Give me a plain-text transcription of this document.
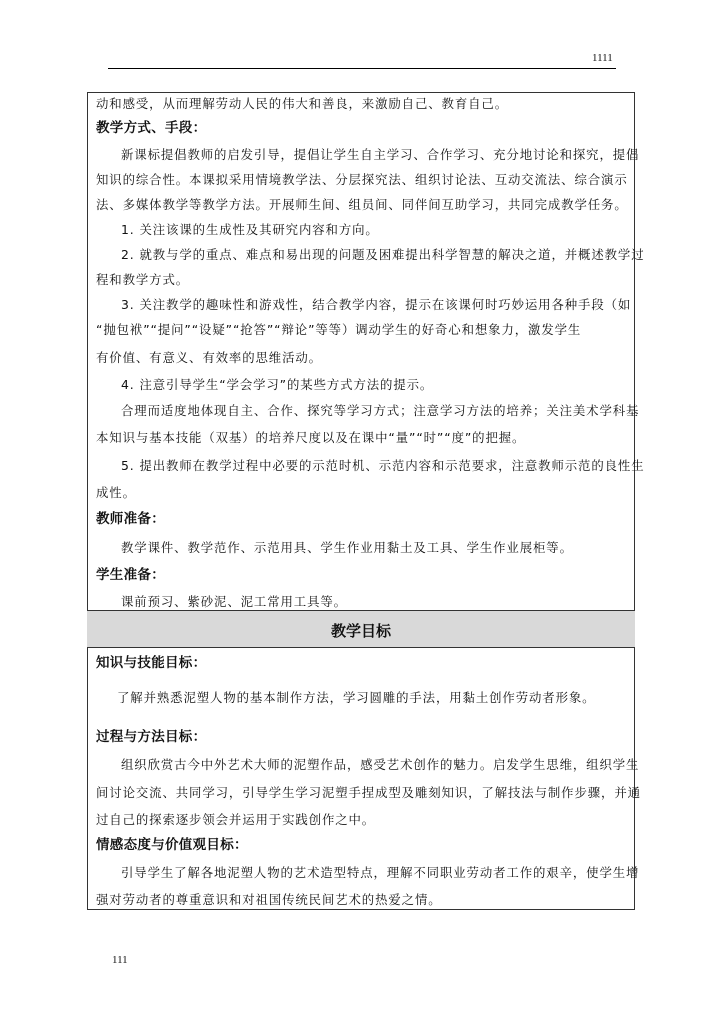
1111
教学目标
动和感受，从而理解劳动人民的伟大和善良，来激励自己、教育自己。
教学方式、手段：
新课标提倡教师的启发引导，提倡让学生自主学习、合作学习、充分地讨论和探究，提倡
知识的综合性。本课拟采用情境教学法、分层探究法、组织讨论法、互动交流法、综合演示
法、多媒体教学等教学方法。开展师生间、组员间、同伴间互助学习，共同完成教学任务。
1. 关注该课的生成性及其研究内容和方向。
2. 就教与学的重点、难点和易出现的问题及困难提出科学智慧的解决之道，并概述教学过
程和教学方式。
3. 关注教学的趣味性和游戏性，结合教学内容，提示在该课何时巧妙运用各种手段（如
“抛包袱”“提问”“设疑”“抢答”“辩论”等等）调动学生的好奇心和想象力，激发学生
有价值、有意义、有效率的思维活动。
4. 注意引导学生“学会学习”的某些方式方法的提示。
合理而适度地体现自主、合作、探究等学习方式；注意学习方法的培养；关注美术学科基
本知识与基本技能（双基）的培养尺度以及在课中“量”“时”“度”的把握。
5. 提出教师在教学过程中必要的示范时机、示范内容和示范要求，注意教师示范的良性生
成性。
教师准备：
教学课件、教学范作、示范用具、学生作业用黏土及工具、学生作业展柜等。
学生准备：
课前预习、紫砂泥、泥工常用工具等。
知识与技能目标：
了解并熟悉泥塑人物的基本制作方法，学习圆雕的手法，用黏土创作劳动者形象。
过程与方法目标：
组织欣赏古今中外艺术大师的泥塑作品，感受艺术创作的魅力。启发学生思维，组织学生
间讨论交流、共同学习，引导学生学习泥塑手捏成型及雕刻知识，了解技法与制作步骤，并通
过自己的探索逐步领会并运用于实践创作之中。
情感态度与价值观目标：
引导学生了解各地泥塑人物的艺术造型特点，理解不同职业劳动者工作的艰辛，使学生增
强对劳动者的尊重意识和对祖国传统民间艺术的热爱之情。
111
